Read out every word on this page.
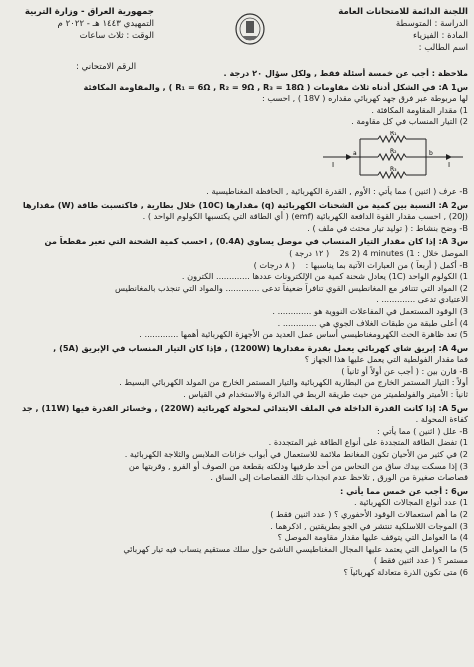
اللجنة الدائمة للامتحانات العامة
الدراسة : المتوسطة
المادة : الفيزياء
اسم الطالب :
جمهورية العراق - وزارة التربية
التمهيدي ١٤٤٣ هـ - ٢٠٢٢ م
الوقت : ثلاث ساعات
الرقم الامتحاني :

ملاحظة : أجب عن خمسة أسئلة فقط , ولكل سؤال ٢٠ درجة .

س1 A: في الشكل أدناه ثلاث مقاومات ( R₁ = 6Ω , R₂ = 9Ω , R₃ = 18Ω ) , والمقاومة المكافئة

لها مربوطة عبر فرق جهد كهربائي مقداره ( 18V ) , احسب :

1) مقدار المقاومة المكافئة .

2) التيار المنساب في كل مقاومة .

R₁
R₂
R₃
a	b
I	I

B- عرف ( اثنين ) مما يأتي : الأوم , القدرة الكهربائية , الحافظة المغناطيسية .

س2 A: النسبة بين كمية من الشحنات الكهربائية (q) مقدارها (10C) خلال بطارية , فاكتسبت طاقة (W) مقدارها

(20J) , احسب مقدار القوة الدافعة الكهربائية (emf) ( أي الطاقة التي يكتسبها الكولوم الواحد ) .

B- وضح بنشاط : ( توليد تيار محتث في ملف ) .

س3 A: إذا كان مقدار التيار المنساب في موصل يساوي (0.4A) , احسب كمية الشحنة التي تعبر مقطعاً من

الموصل خلال : 1) 2s 2) 4 minutes    ( ١٢ درجة )

B- أكمل ( أربعاً ) من العبارات الآتية بما يناسبها :    ( ٨ درجات )

1) الكولوم الواحد (1C) يعادل شحنة كمية من الإلكترونات عددها ............. الكترون .

2) المواد التي تتنافر مع المغانطيس القوي تنافراً ضعيفاً تدعى ............. والمواد التي تنجذب بالمغانطيس

الاعتيادي تدعى ............. .

3) الوقود المستعمل في المفاعلات النووية هو ............. .

4) أعلى طبقة من طبقات الغلاف الجوي هي ............. .

5) تعد ظاهرة الحث الكهرومغناطيسي أساس عمل العديد من الأجهزة الكهربائية أهمها ............. .

س4 A: إبريق شاي كهربائي يعمل بقدرة مقدارها (1200W) , فإذا كان التيار المنساب في الإبريق (5A) ,

فما مقدار الفولطية التي يعمل عليها هذا الجهاز ؟

B- قارن بين : ( أجب عن أولاً أو ثانياً )

أولاً : التيار المستمر الخارج من البطارية الكهربائية والتيار المستمر الخارج من المولد الكهربائي البسيط .

ثانياً : الأميتر والفولطميتر من حيث طريقة الربط في الدائرة والاستخدام في القياس .

س5 A: إذا كانت القدرة الداخلة في الملف الابتدائي لمحولة كهربائية (220W) , وخسائر القدرة فيها (11W) , جد

كفاءة المحولة .

B- علل ( اثنين ) مما يأتي :

1) تفضل الطاقة المتجددة على أنواع الطاقة غير المتجددة .

2) في كثير من الأحيان تكون المغانط ملائمة للاستعمال في أبواب خزانات الملابس والثلاجة الكهربائية .

3) إذا مسكت بيدك ساق من النحاس من أحد طرفيها ودلكته بقطعة من الصوف أو الفرو , وقربتها من

قصاصات صغيرة من الورق , تلاحظ عدم انجذاب تلك القصاصات إلى الساق .

س6 : أجب عن خمس مما يأتي :

1) عدد أنواع المجالات الكهربائية .

2) ما أهم استعمالات الوقود الأحفوري ؟ ( عدد اثنين فقط )

3) الموجات اللاسلكية تنتشر في الجو بطريقتين , اذكرهما .

4) ما العوامل التي يتوقف عليها مقدار مقاومة الموصل ؟

5) ما العوامل التي يعتمد عليها المجال المغناطيسي الناشئ حول سلك مستقيم ينساب فيه تيار كهربائي

مستمر ؟ ( عدد اثنين فقط )

6) متى تكون الذرة متعادلة كهربائياً ؟
